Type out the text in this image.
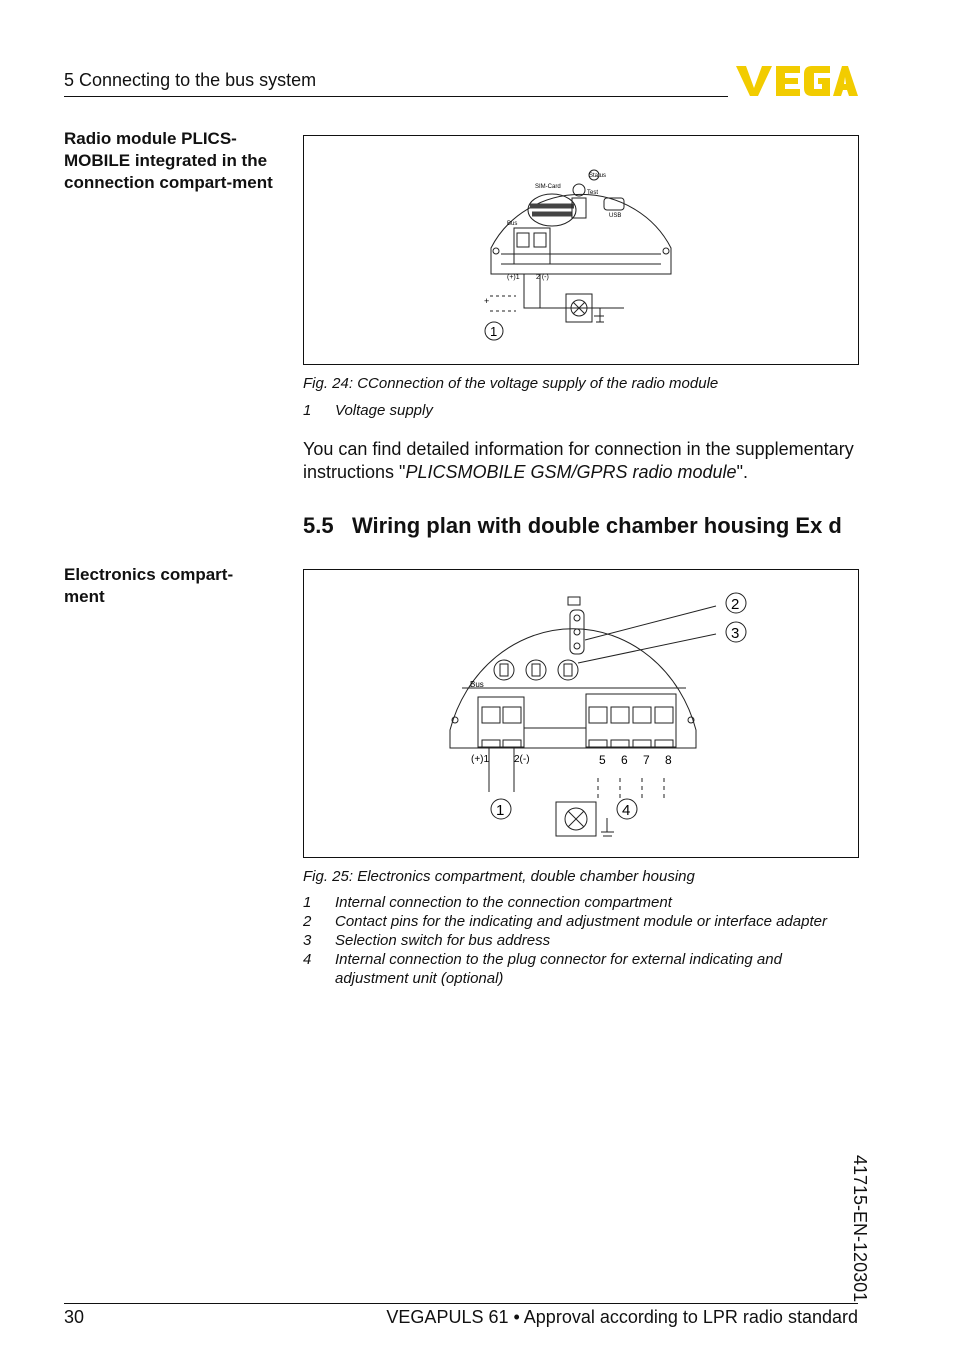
5 Connecting to the bus system
Radio module PLICS-MOBILE integrated in the connection compart-ment
Electronics compart-ment
Status
SIM-Card
Test
USB
Bus
(+)1 2 (-)
+
1
Fig. 24: CConnection of the voltage supply of the radio module
1	Voltage supply
You can find detailed information for connection in the supplementary instructions "PLICSMOBILE GSM/GPRS radio module".
5.5 Wiring plan with double chamber housing Ex d
Bus
(+)1 2(-)	5 6 7 8
1	4
2
3
Fig. 25: Electronics compartment, double chamber housing
1	Internal connection to the connection compartment
2	Contact pins for the indicating and adjustment module or interface adapter
3	Selection switch for bus address
4	Internal connection to the plug connector for external indicating and adjustment unit (optional)
41715-EN-120301
30	VEGAPULS 61 • Approval according to LPR radio standard
